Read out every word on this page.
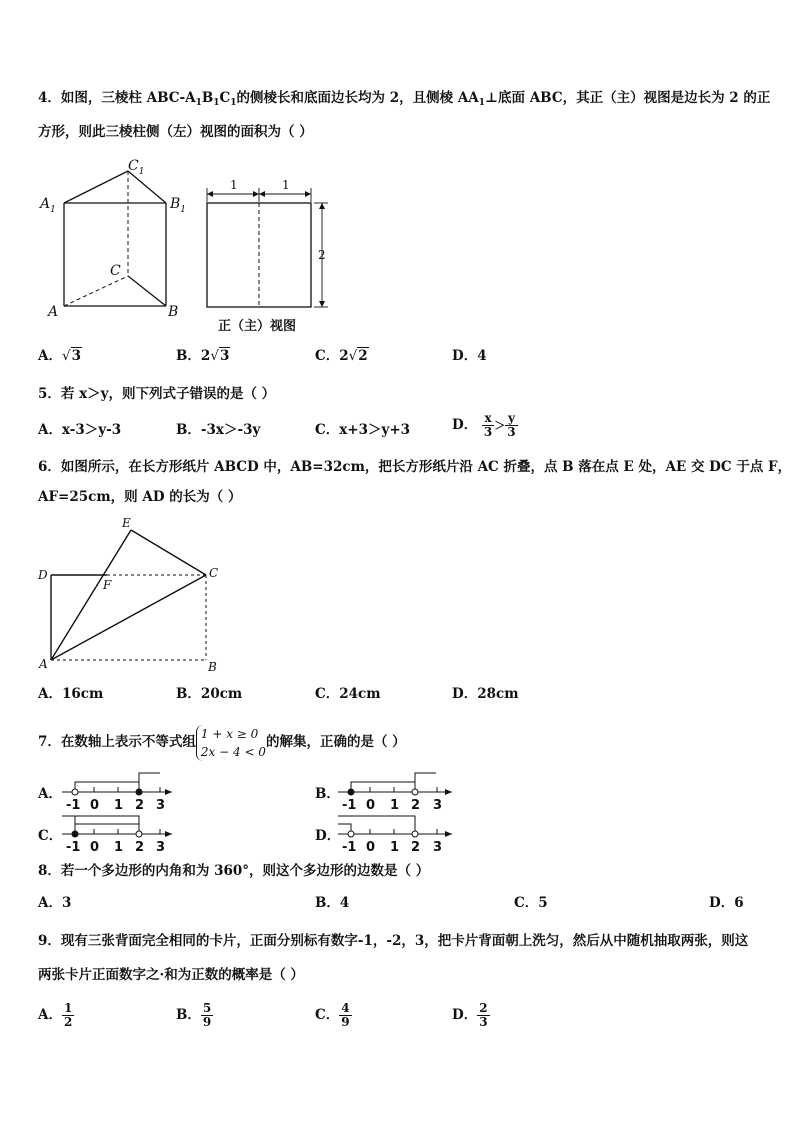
4．如图，三棱柱 ABC-$A_1B_1C_1$的侧棱长和底面边长均为 2，且侧棱 $AA_1\perp$底面 ABC，其正（主）视图是边长为 2 的正
方形，则此三棱柱侧（左）视图的面积为（ ）
$A_1$	$B_1$
$C_1$
C
A	B
1	1
2
正（主）视图
A．√3	B．2√3	C．2√2	D．4
5．若 x＞y，则下列式子错误的是（ ）
A．x-3＞y-3	B．-3x＞-3y	C．x+3＞y+3	D． $\frac{x}{3} > \frac{y}{3}$
6．如图所示，在长方形纸片 ABCD 中，AB=32cm，把长方形纸片沿 AC 折叠，点 B 落在点 E 处，AE 交 DC 于点 F，
AF=25cm，则 AD 的长为（ ）
E
D
F
C
A	B
A．16cm	B．20cm	C．24cm	D．28cm
7．在数轴上表示不等式组
1 + x ≥ 0
2x − 4 < 0
的解集，正确的是（ ）
A．
-1 0 1 2 3
B．
-1 0 1 2 3
C．
-1 0 1 2 3
D．
-1 0 1 2 3
8．若一个多边形的内角和为 360°，则这个多边形的边数是（ ）
A．3	B．4	C．5	D．6
9．现有三张背面完全相同的卡片，正面分别标有数字-1，-2，3，把卡片背面朝上洗匀，然后从中随机抽取两张，则这
两张卡片正面数字之·和为正数的概率是（ ）
A． $\frac{1}{2}$	B． $\frac{5}{9}$	C． $\frac{4}{9}$	D． $\frac{2}{3}$
